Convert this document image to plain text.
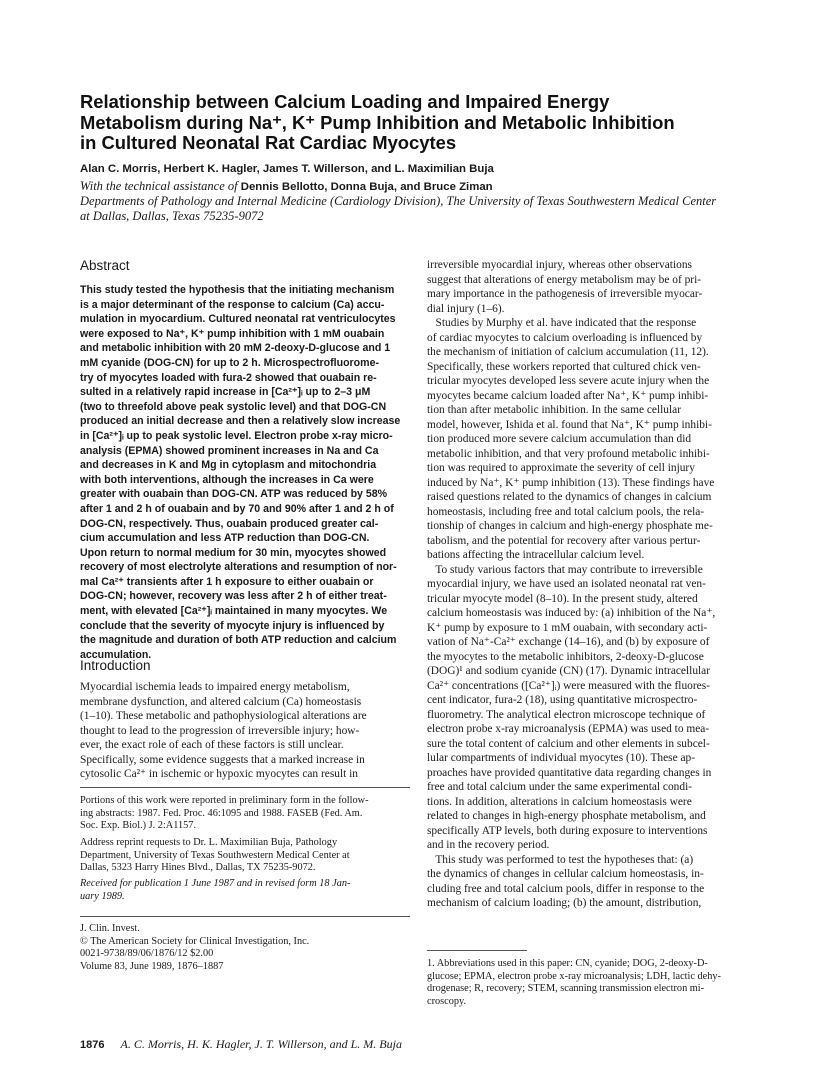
Relationship between Calcium Loading and Impaired Energy
Metabolism during Na⁺, K⁺ Pump Inhibition and Metabolic Inhibition
in Cultured Neonatal Rat Cardiac Myocytes
Alan C. Morris, Herbert K. Hagler, James T. Willerson, and L. Maximilian Buja
With the technical assistance of Dennis Bellotto, Donna Buja, and Bruce Ziman
Departments of Pathology and Internal Medicine (Cardiology Division), The University of Texas Southwestern Medical Center
at Dallas, Dallas, Texas 75235-9072
Abstract
This study tested the hypothesis that the initiating mechanism
is a major determinant of the response to calcium (Ca) accu-
mulation in myocardium. Cultured neonatal rat ventriculocytes
were exposed to Na⁺, K⁺ pump inhibition with 1 mM ouabain
and metabolic inhibition with 20 mM 2-deoxy-D-glucose and 1
mM cyanide (DOG-CN) for up to 2 h. Microspectrofluorome-
try of myocytes loaded with fura-2 showed that ouabain re-
sulted in a relatively rapid increase in [Ca²⁺]ᵢ up to 2–3 μM
(two to threefold above peak systolic level) and that DOG-CN
produced an initial decrease and then a relatively slow increase
in [Ca²⁺]ᵢ up to peak systolic level. Electron probe x-ray micro-
analysis (EPMA) showed prominent increases in Na and Ca
and decreases in K and Mg in cytoplasm and mitochondria
with both interventions, although the increases in Ca were
greater with ouabain than DOG-CN. ATP was reduced by 58%
after 1 and 2 h of ouabain and by 70 and 90% after 1 and 2 h of
DOG-CN, respectively. Thus, ouabain produced greater cal-
cium accumulation and less ATP reduction than DOG-CN.
Upon return to normal medium for 30 min, myocytes showed
recovery of most electrolyte alterations and resumption of nor-
mal Ca²⁺ transients after 1 h exposure to either ouabain or
DOG-CN; however, recovery was less after 2 h of either treat-
ment, with elevated [Ca²⁺]ᵢ maintained in many myocytes. We
conclude that the severity of myocyte injury is influenced by
the magnitude and duration of both ATP reduction and calcium
accumulation.
Introduction
Myocardial ischemia leads to impaired energy metabolism,
membrane dysfunction, and altered calcium (Ca) homeostasis
(1–10). These metabolic and pathophysiological alterations are
thought to lead to the progression of irreversible injury; how-
ever, the exact role of each of these factors is still unclear.
Specifically, some evidence suggests that a marked increase in
cytosolic Ca²⁺ in ischemic or hypoxic myocytes can result in
Portions of this work were reported in preliminary form in the follow-
ing abstracts: 1987. Fed. Proc. 46:1095 and 1988. FASEB (Fed. Am.
Soc. Exp. Biol.) J. 2:A1157.
Address reprint requests to Dr. L. Maximilian Buja, Pathology
Department, University of Texas Southwestern Medical Center at
Dallas, 5323 Harry Hines Blvd., Dallas, TX 75235-9072.
Received for publication 1 June 1987 and in revised form 18 Jan-
uary 1989.
J. Clin. Invest.
© The American Society for Clinical Investigation, Inc.
0021-9738/89/06/1876/12 $2.00
Volume 83, June 1989, 1876–1887
irreversible myocardial injury, whereas other observations
suggest that alterations of energy metabolism may be of pri-
mary importance in the pathogenesis of irreversible myocar-
dial injury (1–6).
Studies by Murphy et al. have indicated that the response
of cardiac myocytes to calcium overloading is influenced by
the mechanism of initiation of calcium accumulation (11, 12).
Specifically, these workers reported that cultured chick ven-
tricular myocytes developed less severe acute injury when the
myocytes became calcium loaded after Na⁺, K⁺ pump inhibi-
tion than after metabolic inhibition. In the same cellular
model, however, Ishida et al. found that Na⁺, K⁺ pump inhibi-
tion produced more severe calcium accumulation than did
metabolic inhibition, and that very profound metabolic inhibi-
tion was required to approximate the severity of cell injury
induced by Na⁺, K⁺ pump inhibition (13). These findings have
raised questions related to the dynamics of changes in calcium
homeostasis, including free and total calcium pools, the rela-
tionship of changes in calcium and high-energy phosphate me-
tabolism, and the potential for recovery after various pertur-
bations affecting the intracellular calcium level.
To study various factors that may contribute to irreversible
myocardial injury, we have used an isolated neonatal rat ven-
tricular myocyte model (8–10). In the present study, altered
calcium homeostasis was induced by: (a) inhibition of the Na⁺,
K⁺ pump by exposure to 1 mM ouabain, with secondary acti-
vation of Na⁺-Ca²⁺ exchange (14–16), and (b) by exposure of
the myocytes to the metabolic inhibitors, 2-deoxy-D-glucose
(DOG)¹ and sodium cyanide (CN) (17). Dynamic intracellular
Ca²⁺ concentrations ([Ca²⁺]ᵢ) were measured with the fluores-
cent indicator, fura-2 (18), using quantitative microspectro-
fluorometry. The analytical electron microscope technique of
electron probe x-ray microanalysis (EPMA) was used to mea-
sure the total content of calcium and other elements in subcel-
lular compartments of individual myocytes (10). These ap-
proaches have provided quantitative data regarding changes in
free and total calcium under the same experimental condi-
tions. In addition, alterations in calcium homeostasis were
related to changes in high-energy phosphate metabolism, and
specifically ATP levels, both during exposure to interventions
and in the recovery period.
This study was performed to test the hypotheses that: (a)
the dynamics of changes in cellular calcium homeostasis, in-
cluding free and total calcium pools, differ in response to the
mechanism of calcium loading; (b) the amount, distribution,
1. Abbreviations used in this paper: CN, cyanide; DOG, 2-deoxy-D-
glucose; EPMA, electron probe x-ray microanalysis; LDH, lactic dehy-
drogenase; R, recovery; STEM, scanning transmission electron mi-
croscopy.
1876 A. C. Morris, H. K. Hagler, J. T. Willerson, and L. M. Buja
